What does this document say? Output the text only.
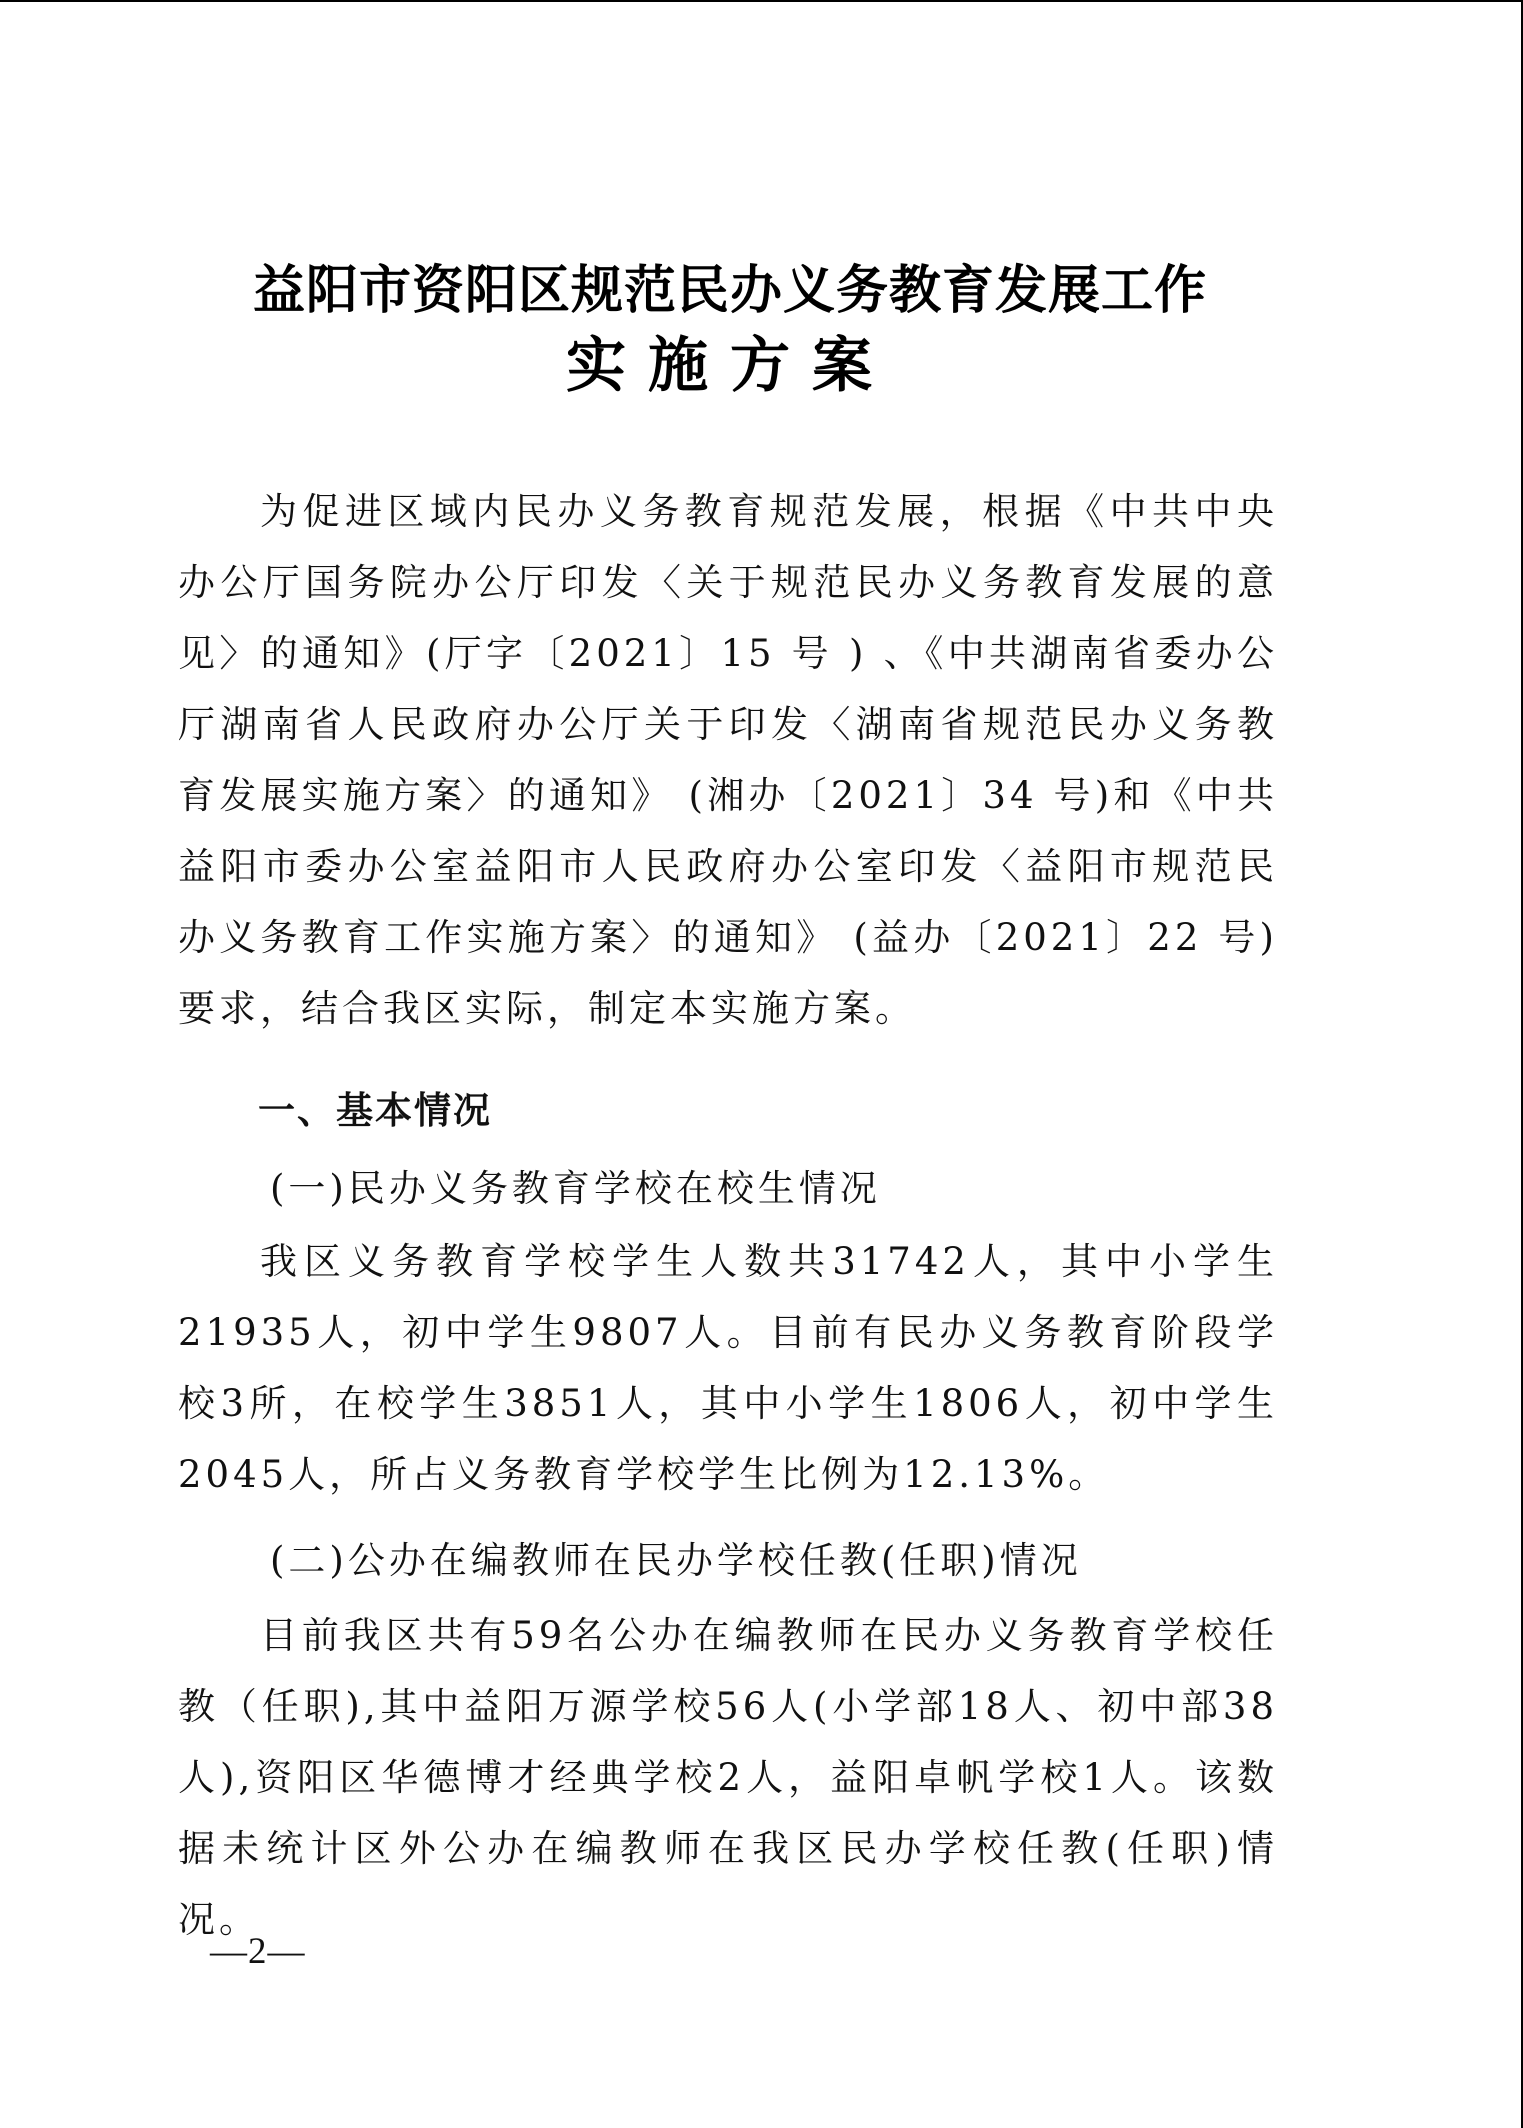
益阳市资阳区规范民办义务教育发展工作
实施方案
为促进区域内民办义务教育规范发展，根据《中共中央办公厅国务院办公厅印发〈关于规范民办义务教育发展的意见〉的通知》(厅字〔2021〕15 号 ) 、《中共湖南省委办公厅湖南省人民政府办公厅关于印发〈湖南省规范民办义务教育发展实施方案〉的通知》 (湘办〔2021〕34 号)和《中共益阳市委办公室益阳市人民政府办公室印发〈益阳市规范民办义务教育工作实施方案〉的通知》 (益办〔2021〕22 号)要求，结合我区实际，制定本实施方案。
一、基本情况
(一)民办义务教育学校在校生情况
我区义务教育学校学生人数共31742人，其中小学生21935人，初中学生9807人。目前有民办义务教育阶段学校3所，在校学生3851人，其中小学生1806人，初中学生2045人，所占义务教育学校学生比例为12.13%。
(二)公办在编教师在民办学校任教(任职)情况
目前我区共有59名公办在编教师在民办义务教育学校任教（任职),其中益阳万源学校56人(小学部18人、初中部38人),资阳区华德博才经典学校2人，益阳卓帆学校1人。该数据未统计区外公办在编教师在我区民办学校任教(任职)情况。
—2—
